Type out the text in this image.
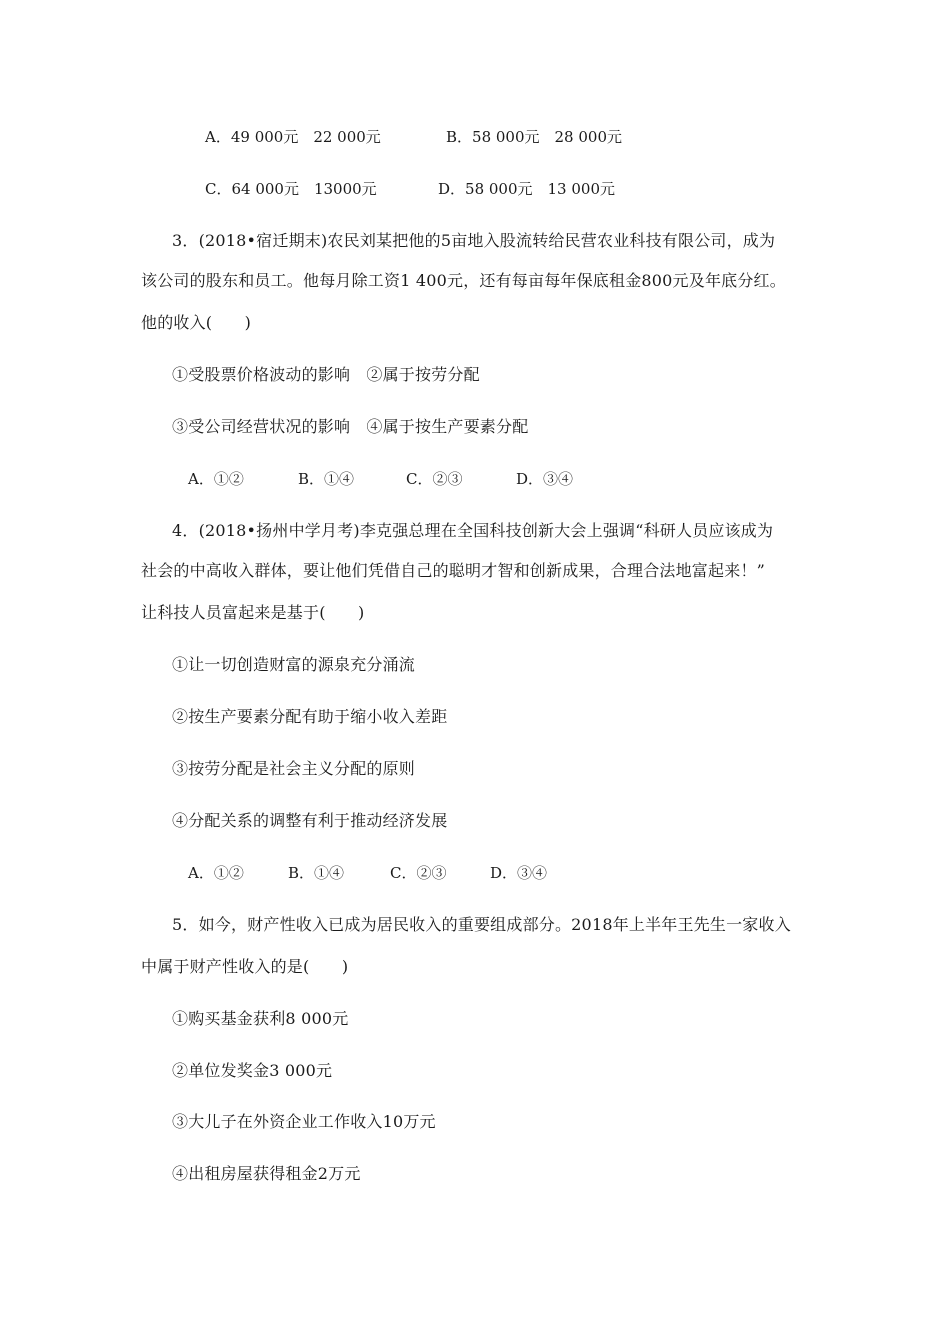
A．49 000元　22 000元	B．58 000元　28 000元
C．64 000元　13000元	D．58 000元　13 000元
3．(2018•宿迁期末)农民刘某把他的5亩地入股流转给民营农业科技有限公司，成为
该公司的股东和员工。他每月除工资1 400元，还有每亩每年保底租金800元及年底分红。
他的收入(　　)
①受股票价格波动的影响　②属于按劳分配
③受公司经营状况的影响　④属于按生产要素分配
A．①②	B．①④	C．②③	D．③④
4．(2018•扬州中学月考)李克强总理在全国科技创新大会上强调“科研人员应该成为
社会的中高收入群体，要让他们凭借自己的聪明才智和创新成果，合理合法地富起来！”
让科技人员富起来是基于(　　)
①让一切创造财富的源泉充分涌流
②按生产要素分配有助于缩小收入差距
③按劳分配是社会主义分配的原则
④分配关系的调整有利于推动经济发展
A．①②	B．①④	C．②③	D．③④
5．如今，财产性收入已成为居民收入的重要组成部分。2018年上半年王先生一家收入
中属于财产性收入的是(　　)
①购买基金获利8 000元
②单位发奖金3 000元
③大儿子在外资企业工作收入10万元
④出租房屋获得租金2万元
